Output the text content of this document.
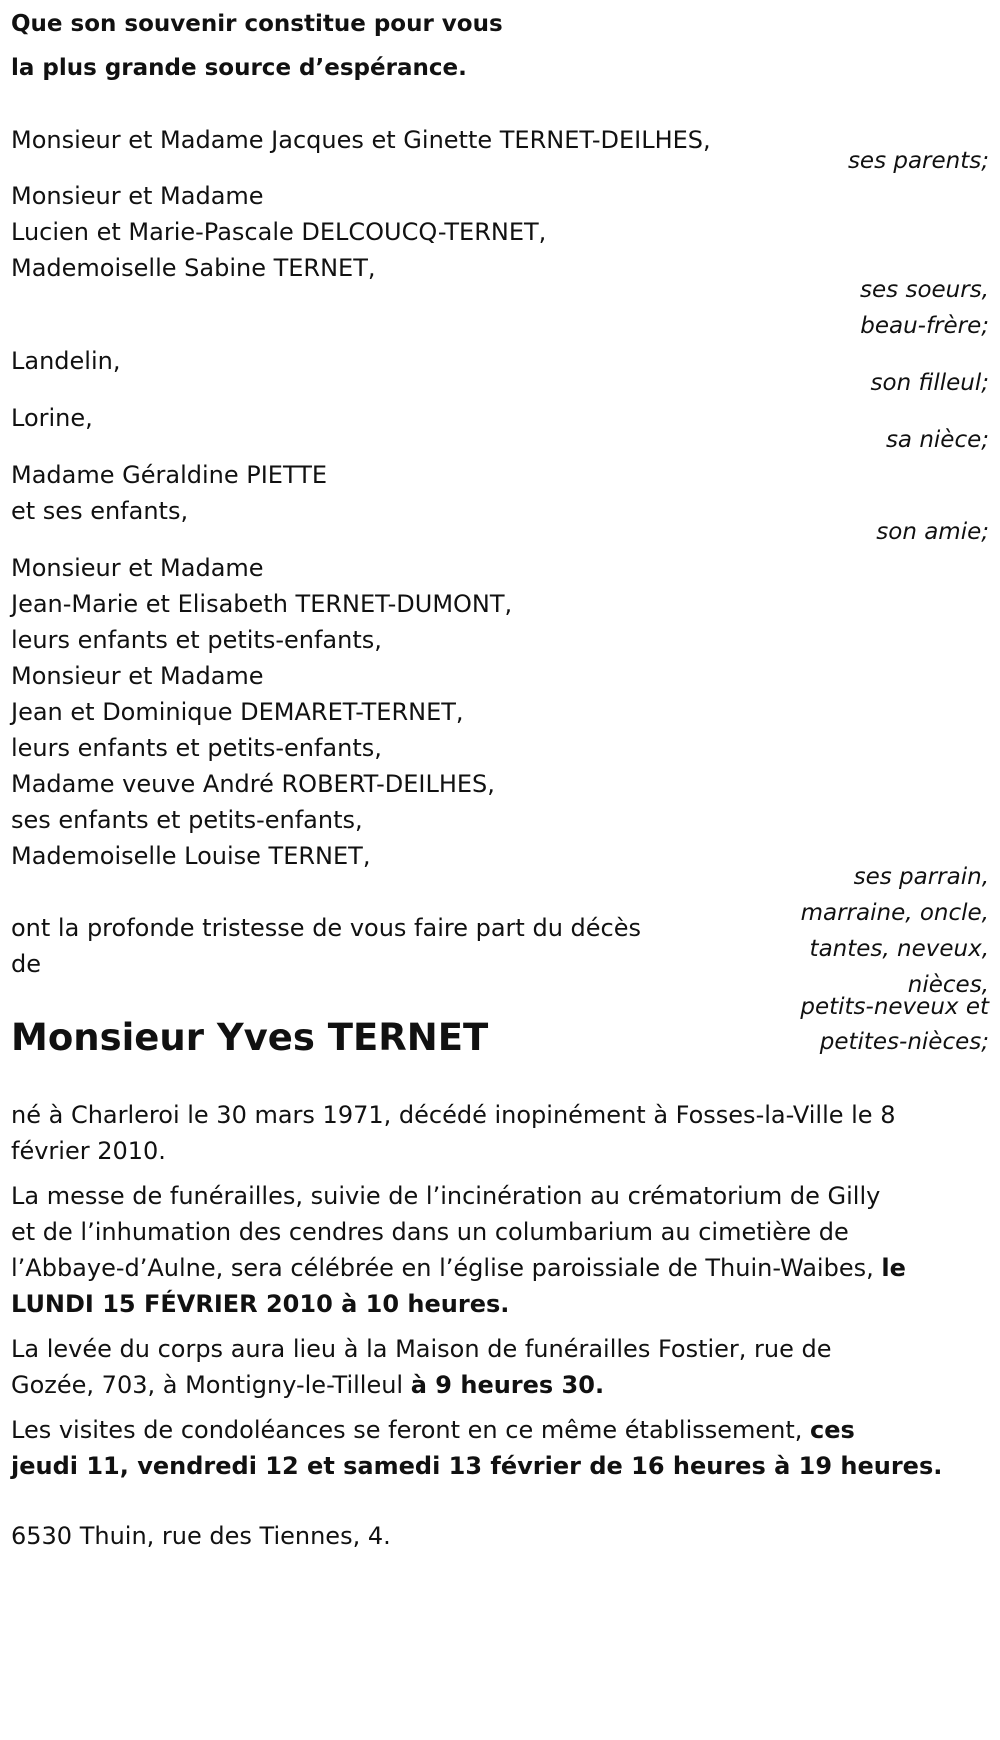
Que son souvenir constitue pour vous
la plus grande source d’espérance.
Monsieur et Madame Jacques et Ginette TERNET-DEILHES,
ses parents;
Monsieur et Madame
Lucien et Marie-Pascale DELCOUCQ-TERNET,
Mademoiselle Sabine TERNET,
ses soeurs,
beau-frère;
Landelin,
son filleul;
Lorine,
sa nièce;
Madame Géraldine PIETTE
et ses enfants,
son amie;
Monsieur et Madame
Jean-Marie et Elisabeth TERNET-DUMONT,
leurs enfants et petits-enfants,
Monsieur et Madame
Jean et Dominique DEMARET-TERNET,
leurs enfants et petits-enfants,
Madame veuve André ROBERT-DEILHES,
ses enfants et petits-enfants,
Mademoiselle Louise TERNET,
ses parrain,
marraine, oncle,
tantes, neveux,
nièces,
petits-neveux et
petites-nièces;
ont la profonde tristesse de vous faire part du décès
de
Monsieur Yves TERNET
né à Charleroi le 30 mars 1971, décédé inopinément à Fosses-la-Ville le 8
février 2010.
La messe de funérailles, suivie de l’incinération au crématorium de Gilly
et de l’inhumation des cendres dans un columbarium au cimetière de
l’Abbaye-d’Aulne, sera célébrée en l’église paroissiale de Thuin-Waibes, le
LUNDI 15 FÉVRIER 2010 à 10 heures.
La levée du corps aura lieu à la Maison de funérailles Fostier, rue de
Gozée, 703, à Montigny-le-Tilleul à 9 heures 30.
Les visites de condoléances se feront en ce même établissement, ces
jeudi 11, vendredi 12 et samedi 13 février de 16 heures à 19 heures.
6530 Thuin, rue des Tiennes, 4.
